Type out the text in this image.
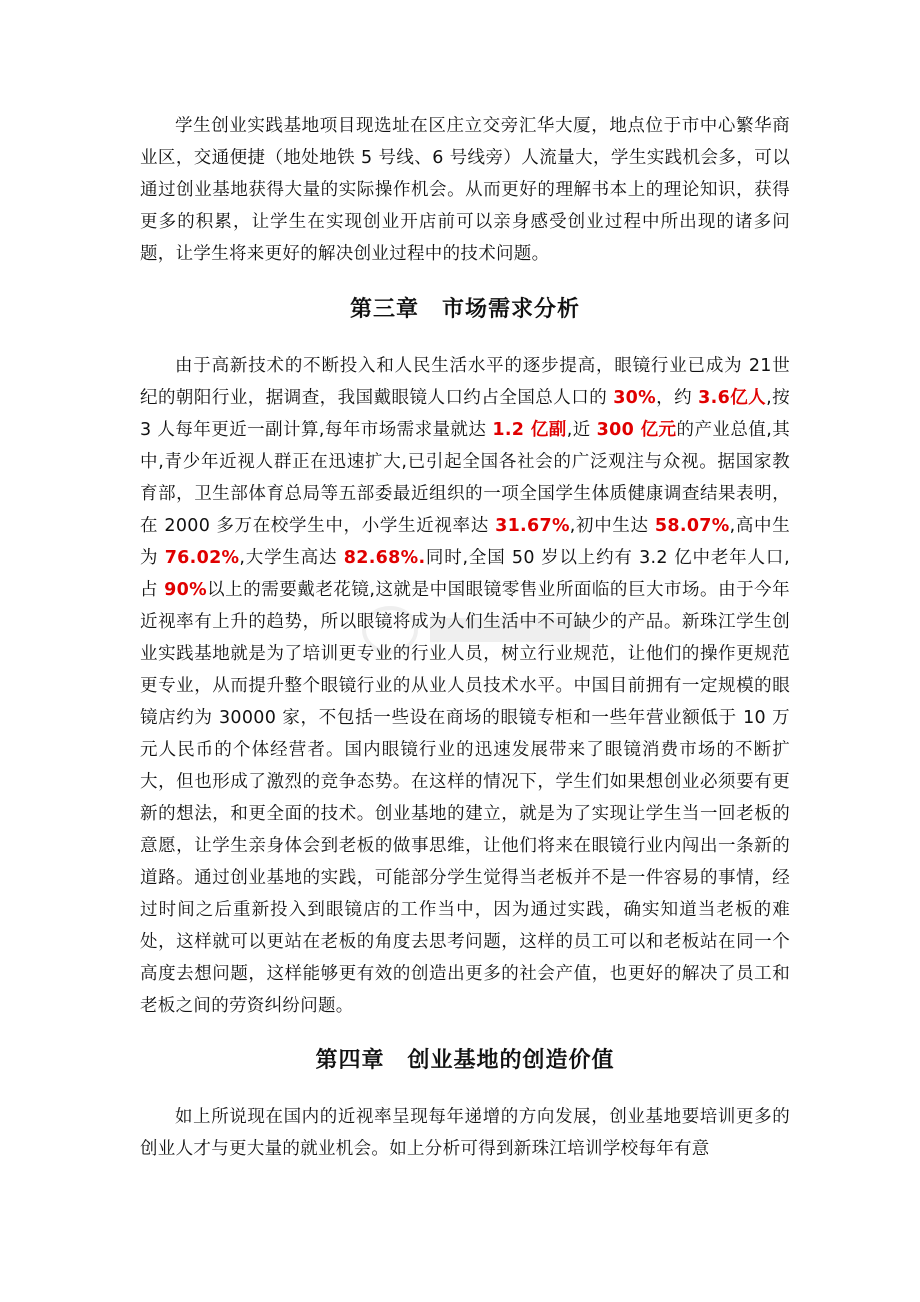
学生创业实践基地项目现选址在区庄立交旁汇华大厦，地点位于市中心繁华商业区，交通便捷（地处地铁 5 号线、6 号线旁）人流量大，学生实践机会多，可以通过创业基地获得大量的实际操作机会。从而更好的理解书本上的理论知识，获得更多的积累，让学生在实现创业开店前可以亲身感受创业过程中所出现的诸多问题，让学生将来更好的解决创业过程中的技术问题。

第三章　市场需求分析

由于高新技术的不断投入和人民生活水平的逐步提高，眼镜行业已成为 21世纪的朝阳行业，据调查，我国戴眼镜人口约占全国总人口的 30%，约 3.6亿人,按 3 人每年更近一副计算,每年市场需求量就达 1.2 亿副,近 300 亿元的产业总值,其中,青少年近视人群正在迅速扩大,已引起全国各社会的广泛观注与众视。据国家教育部，卫生部体育总局等五部委最近组织的一项全国学生体质健康调查结果表明，在 2000 多万在校学生中，小学生近视率达 31.67%,初中生达 58.07%,高中生为 76.02%,大学生高达 82.68%.同时,全国 50 岁以上约有 3.2 亿中老年人口,占 90%以上的需要戴老花镜,这就是中国眼镜零售业所面临的巨大市场。由于今年近视率有上升的趋势，所以眼镜将成为人们生活中不可缺少的产品。新珠江学生创业实践基地就是为了培训更专业的行业人员，树立行业规范，让他们的操作更规范更专业，从而提升整个眼镜行业的从业人员技术水平。中国目前拥有一定规模的眼镜店约为 30000 家，不包括一些设在商场的眼镜专柜和一些年营业额低于 10 万元人民币的个体经营者。国内眼镜行业的迅速发展带来了眼镜消费市场的不断扩大，但也形成了激烈的竞争态势。在这样的情况下，学生们如果想创业必须要有更新的想法，和更全面的技术。创业基地的建立，就是为了实现让学生当一回老板的意愿，让学生亲身体会到老板的做事思维，让他们将来在眼镜行业内闯出一条新的道路。通过创业基地的实践，可能部分学生觉得当老板并不是一件容易的事情，经过时间之后重新投入到眼镜店的工作当中，因为通过实践，确实知道当老板的难处，这样就可以更站在老板的角度去思考问题，这样的员工可以和老板站在同一个高度去想问题，这样能够更有效的创造出更多的社会产值，也更好的解决了员工和老板之间的劳资纠纷问题。

第四章　创业基地的创造价值

如上所说现在国内的近视率呈现每年递增的方向发展，创业基地要培训更多的创业人才与更大量的就业机会。如上分析可得到新珠江培训学校每年有意
